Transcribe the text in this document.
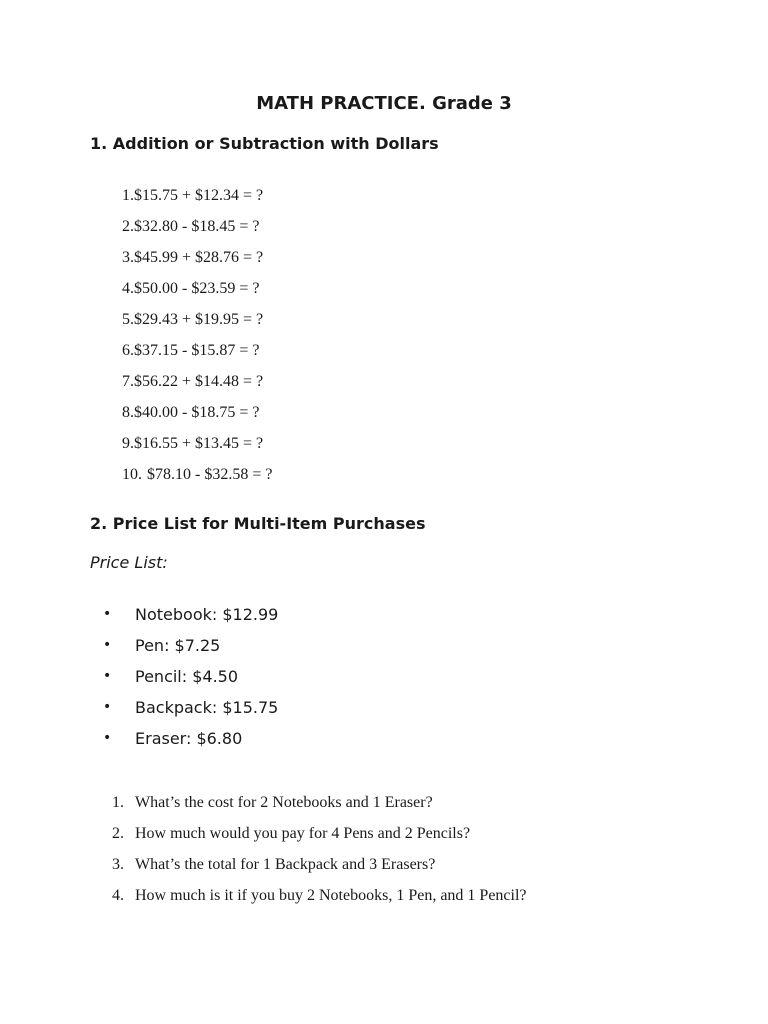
MATH PRACTICE. Grade 3
1. Addition or Subtraction with Dollars
1.$15.75 + $12.34 = ?
2.$32.80 - $18.45 = ?
3.$45.99 + $28.76 = ?
4.$50.00 - $23.59 = ?
5.$29.43 + $19.95 = ?
6.$37.15 - $15.87 = ?
7.$56.22 + $14.48 = ?
8.$40.00 - $18.75 = ?
9.$16.55 + $13.45 = ?
10. $78.10 - $32.58 = ?
2. Price List for Multi-Item Purchases

Price List:

• Notebook: $12.99
• Pen: $7.25
• Pencil: $4.50
• Backpack: $15.75
• Eraser: $6.80
1. What’s the cost for 2 Notebooks and 1 Eraser?
2. How much would you pay for 4 Pens and 2 Pencils?
3. What’s the total for 1 Backpack and 3 Erasers?
4. How much is it if you buy 2 Notebooks, 1 Pen, and 1 Pencil?
